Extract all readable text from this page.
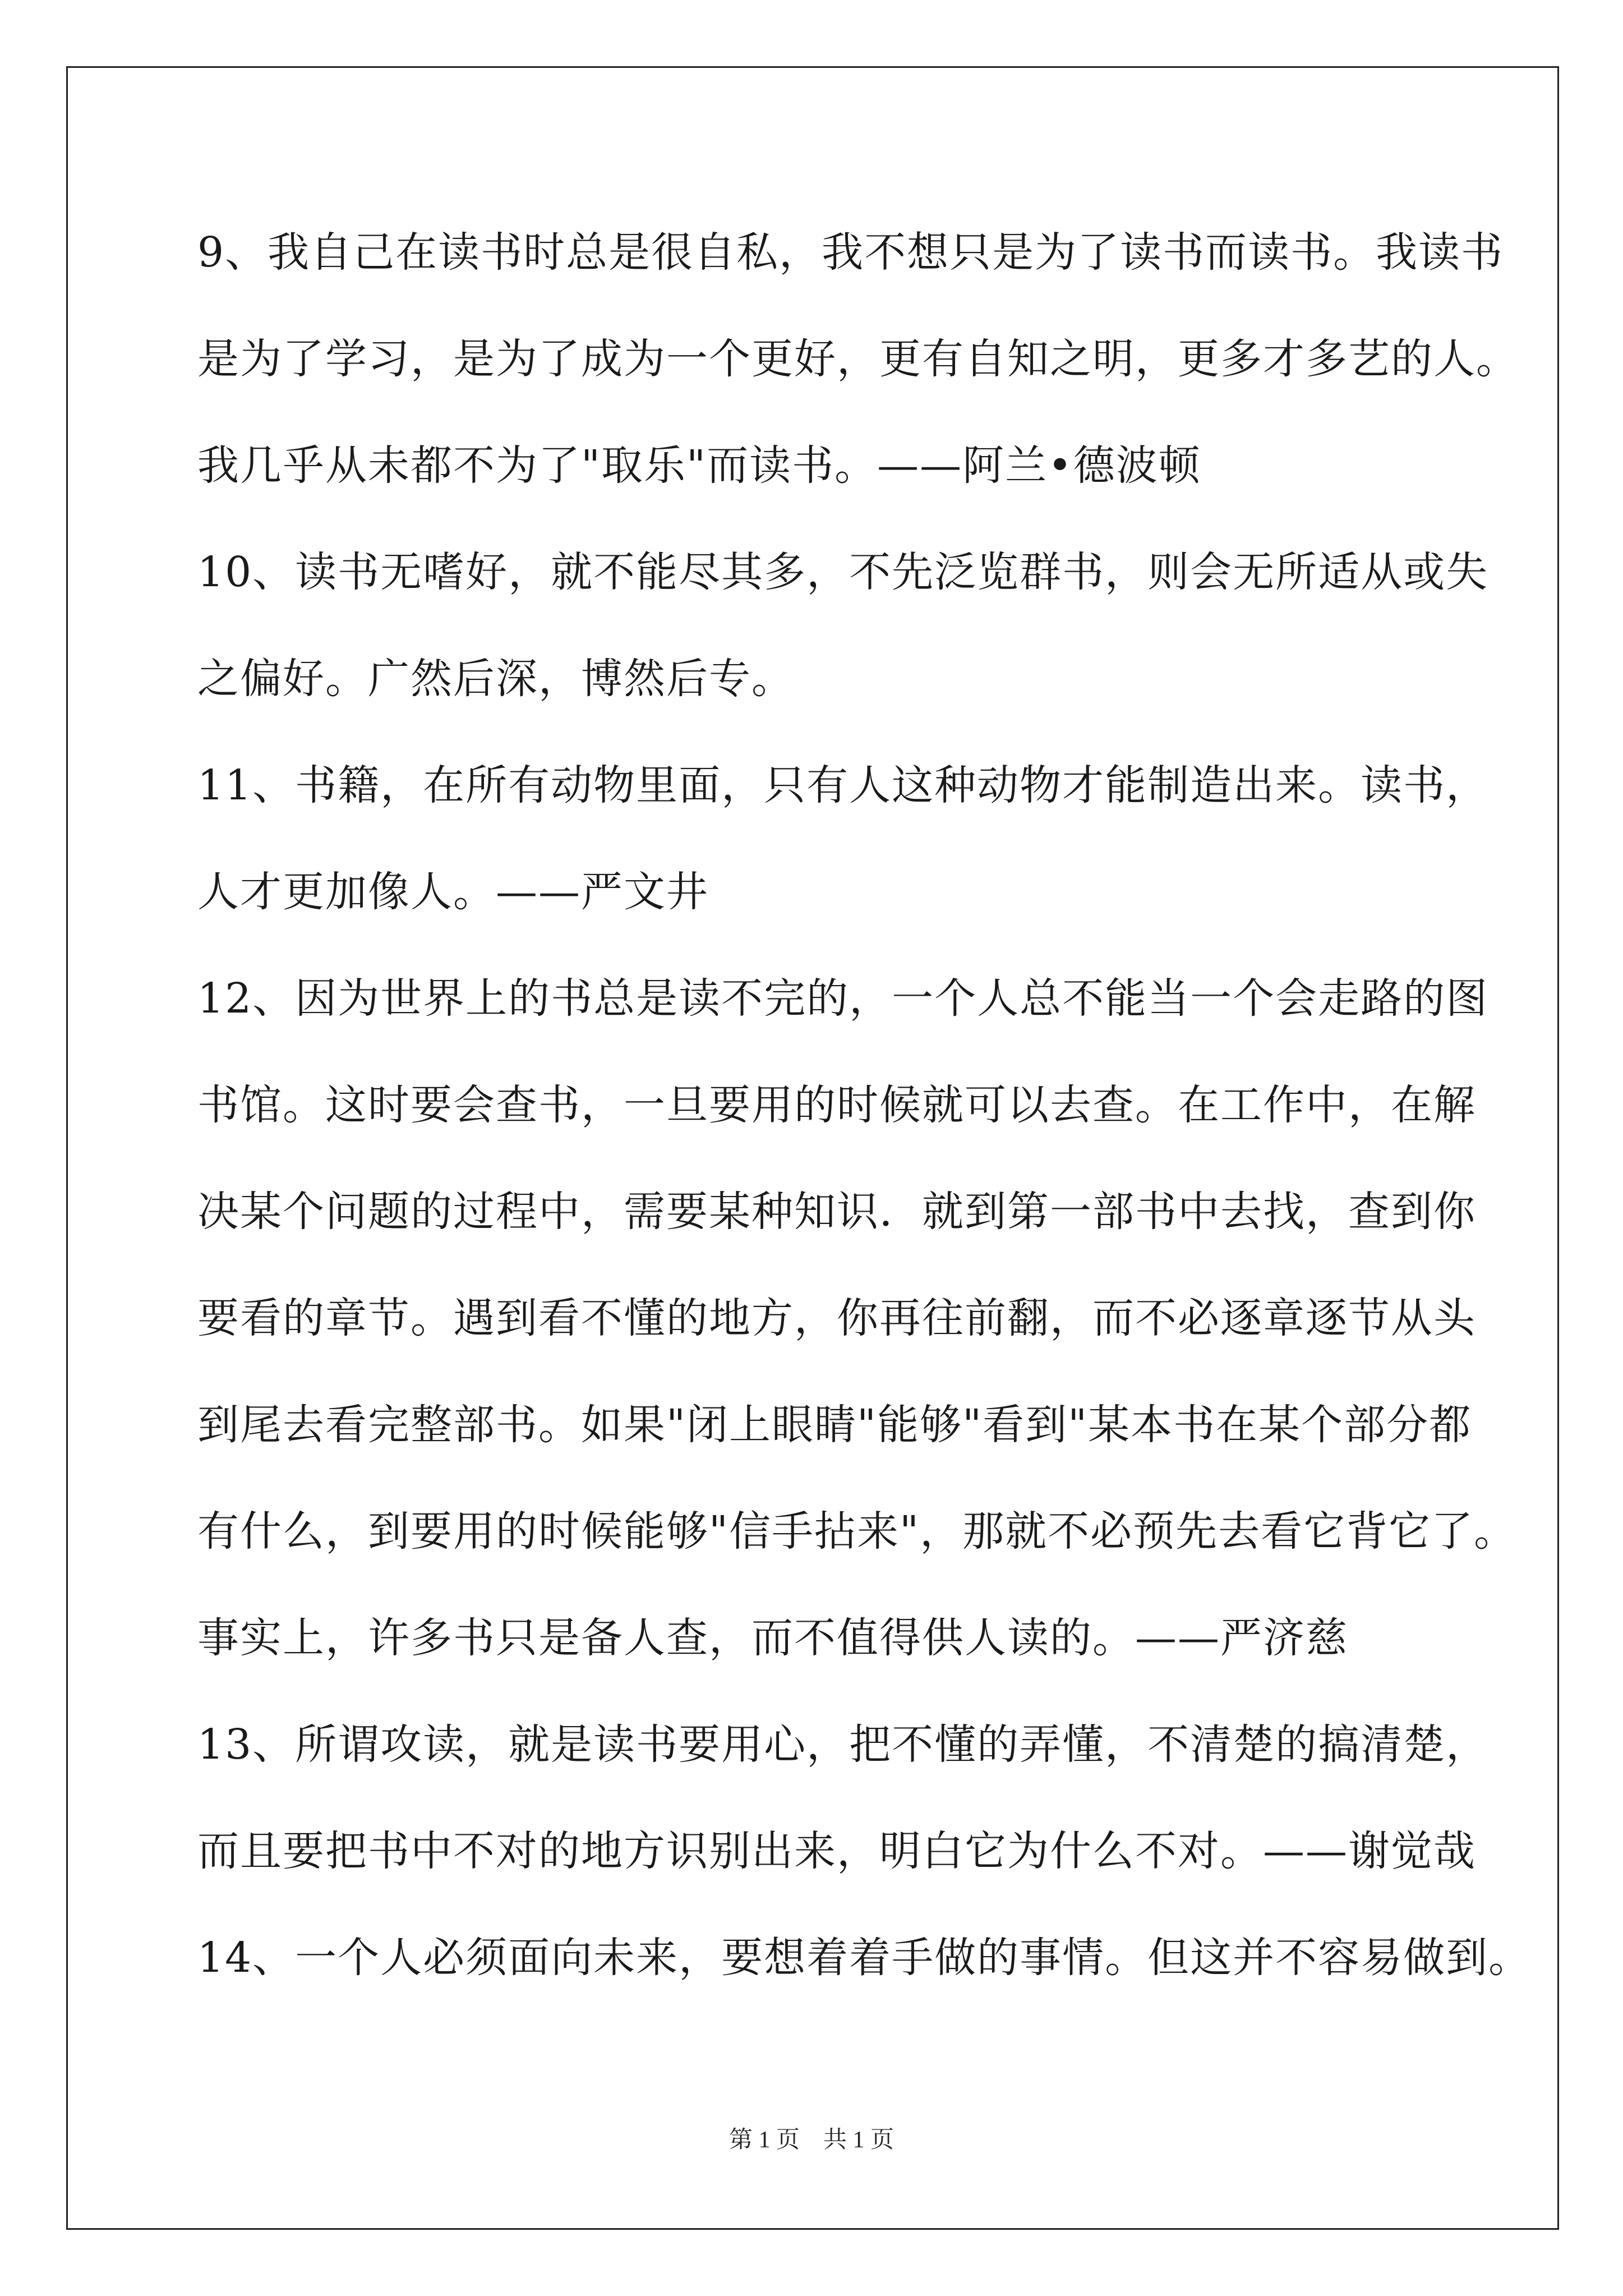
9、我自己在读书时总是很自私，我不想只是为了读书而读书。我读书
是为了学习，是为了成为一个更好，更有自知之明，更多才多艺的人。
我几乎从未都不为了"取乐"而读书。——阿兰•德波顿
10、读书无嗜好，就不能尽其多，不先泛览群书，则会无所适从或失
之偏好。广然后深，博然后专。
11、书籍，在所有动物里面，只有人这种动物才能制造出来。读书，
人才更加像人。——严文井
12、因为世界上的书总是读不完的，一个人总不能当一个会走路的图
书馆。这时要会查书，一旦要用的时候就可以去查。在工作中，在解
决某个问题的过程中，需要某种知识．就到第一部书中去找，查到你
要看的章节。遇到看不懂的地方，你再往前翻，而不必逐章逐节从头
到尾去看完整部书。如果"闭上眼睛"能够"看到"某本书在某个部分都
有什么，到要用的时候能够"信手拈来"，那就不必预先去看它背它了。
事实上，许多书只是备人查，而不值得供人读的。——严济慈
13、所谓攻读，就是读书要用心，把不懂的弄懂，不清楚的搞清楚，
而且要把书中不对的地方识别出来，明白它为什么不对。——谢觉哉
14、一个人必须面向未来，要想着着手做的事情。但这并不容易做到。
第 1 页　共 1 页
